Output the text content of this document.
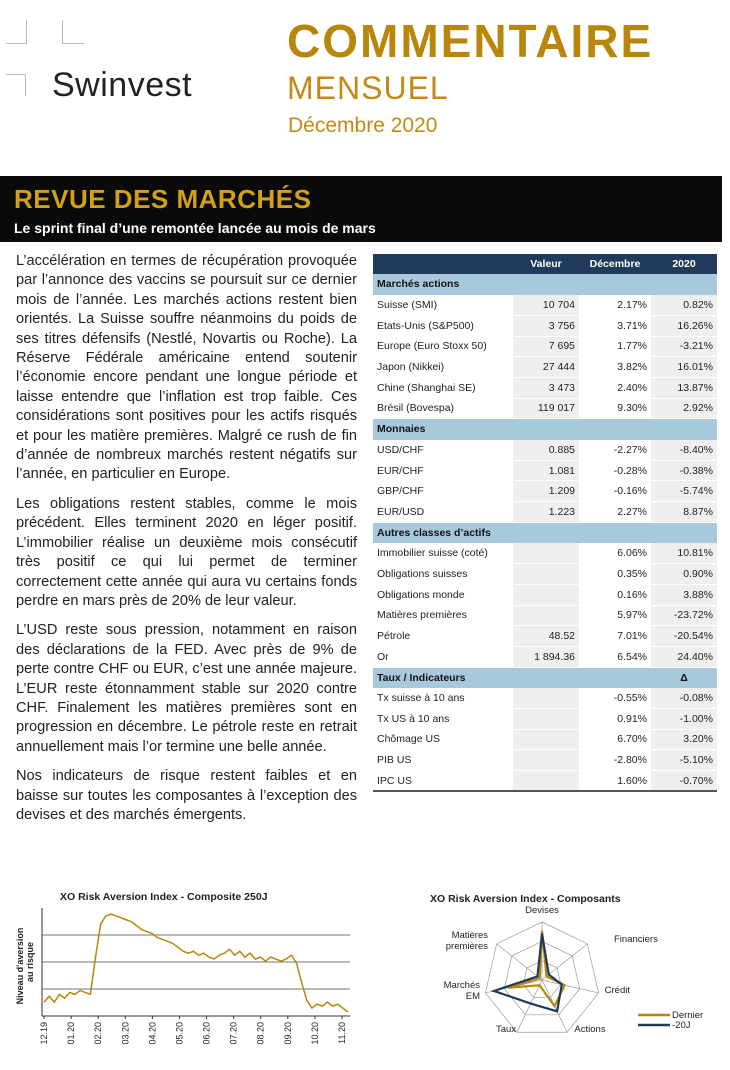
Swinvest
COMMENTAIRE
MENSUEL
Décembre 2020
REVUE DES MARCHÉS
Le sprint final d’une remontée lancée au mois de mars

L’accélération en termes de récupération provoquée par l’annonce des vaccins se poursuit sur ce dernier mois de l’année. Les marchés actions restent bien orientés. La Suisse souffre néanmoins du poids de ses titres défensifs (Nestlé, Novartis ou Roche). La Réserve Fédérale américaine entend soutenir l’économie encore pendant une longue période et laisse entendre que l’inflation est trop faible. Ces considérations sont positives pour les actifs risqués et pour les matière premières. Malgré ce rush de fin d’année de nombreux marchés restent négatifs sur l’année, en particulier en Europe.

Les obligations restent stables, comme le mois précédent. Elles terminent 2020 en léger positif. L’immobilier réalise un deuxième mois consécutif très positif ce qui lui permet de terminer correctement cette année qui aura vu certains fonds perdre en mars près de 20% de leur valeur.

L’USD reste sous pression, notamment en raison des déclarations de la FED. Avec près de 9% de perte contre CHF ou EUR, c’est une année majeure. L’EUR reste étonnamment stable sur 2020 contre CHF. Finalement les matières premières sont en progression en décembre. Le pétrole reste en retrait annuellement mais l’or termine une belle année.

Nos indicateurs de risque restent faibles et en baisse sur toutes les composantes à l’exception des devises et des marchés émergents.

	Valeur	Décembre	2020
Marchés actions			
Suisse (SMI)	10 704	2.17%	0.82%
Etats-Unis (S&P500)	3 756	3.71%	16.26%
Europe (Euro Stoxx 50)	7 695	1.77%	-3.21%
Japon (Nikkei)	27 444	3.82%	16.01%
Chine (Shanghai SE)	3 473	2.40%	13.87%
Brésil (Bovespa)	119 017	9.30%	2.92%
Monnaies			
USD/CHF	0.885	-2.27%	-8.40%
EUR/CHF	1.081	-0.28%	-0.38%
GBP/CHF	1.209	-0.16%	-5.74%
EUR/USD	1.223	2.27%	8.87%
Autres classes d’actifs			
Immobilier suisse (coté)		6.06%	10.81%
Obligations suisses		0.35%	0.90%
Obligations monde		0.16%	3.88%
Matières premières		5.97%	-23.72%
Pétrole	48.52	7.01%	-20.54%
Or	1 894.36	6.54%	24.40%
Taux / Indicateurs			Δ
Tx suisse à 10 ans		-0.55%	-0.08%
Tx US à 10 ans		0.91%	-1.00%
Chômage US		6.70%	3.20%
PIB US		-2.80%	-5.10%
IPC US		1.60%	-0.70%
XO Risk Aversion Index - Composite 250J
Niveau d'aversionau risque
12.19 01.20 02.20 03.20 04.20 05.20 06.20 07.20 08.20 09.20 10.20 11.20
XO Risk Aversion Index - Composants
Devises
Financiers
Crédit
Actions
Taux
Marchés EM
Matières premières
Dernier
-20J
